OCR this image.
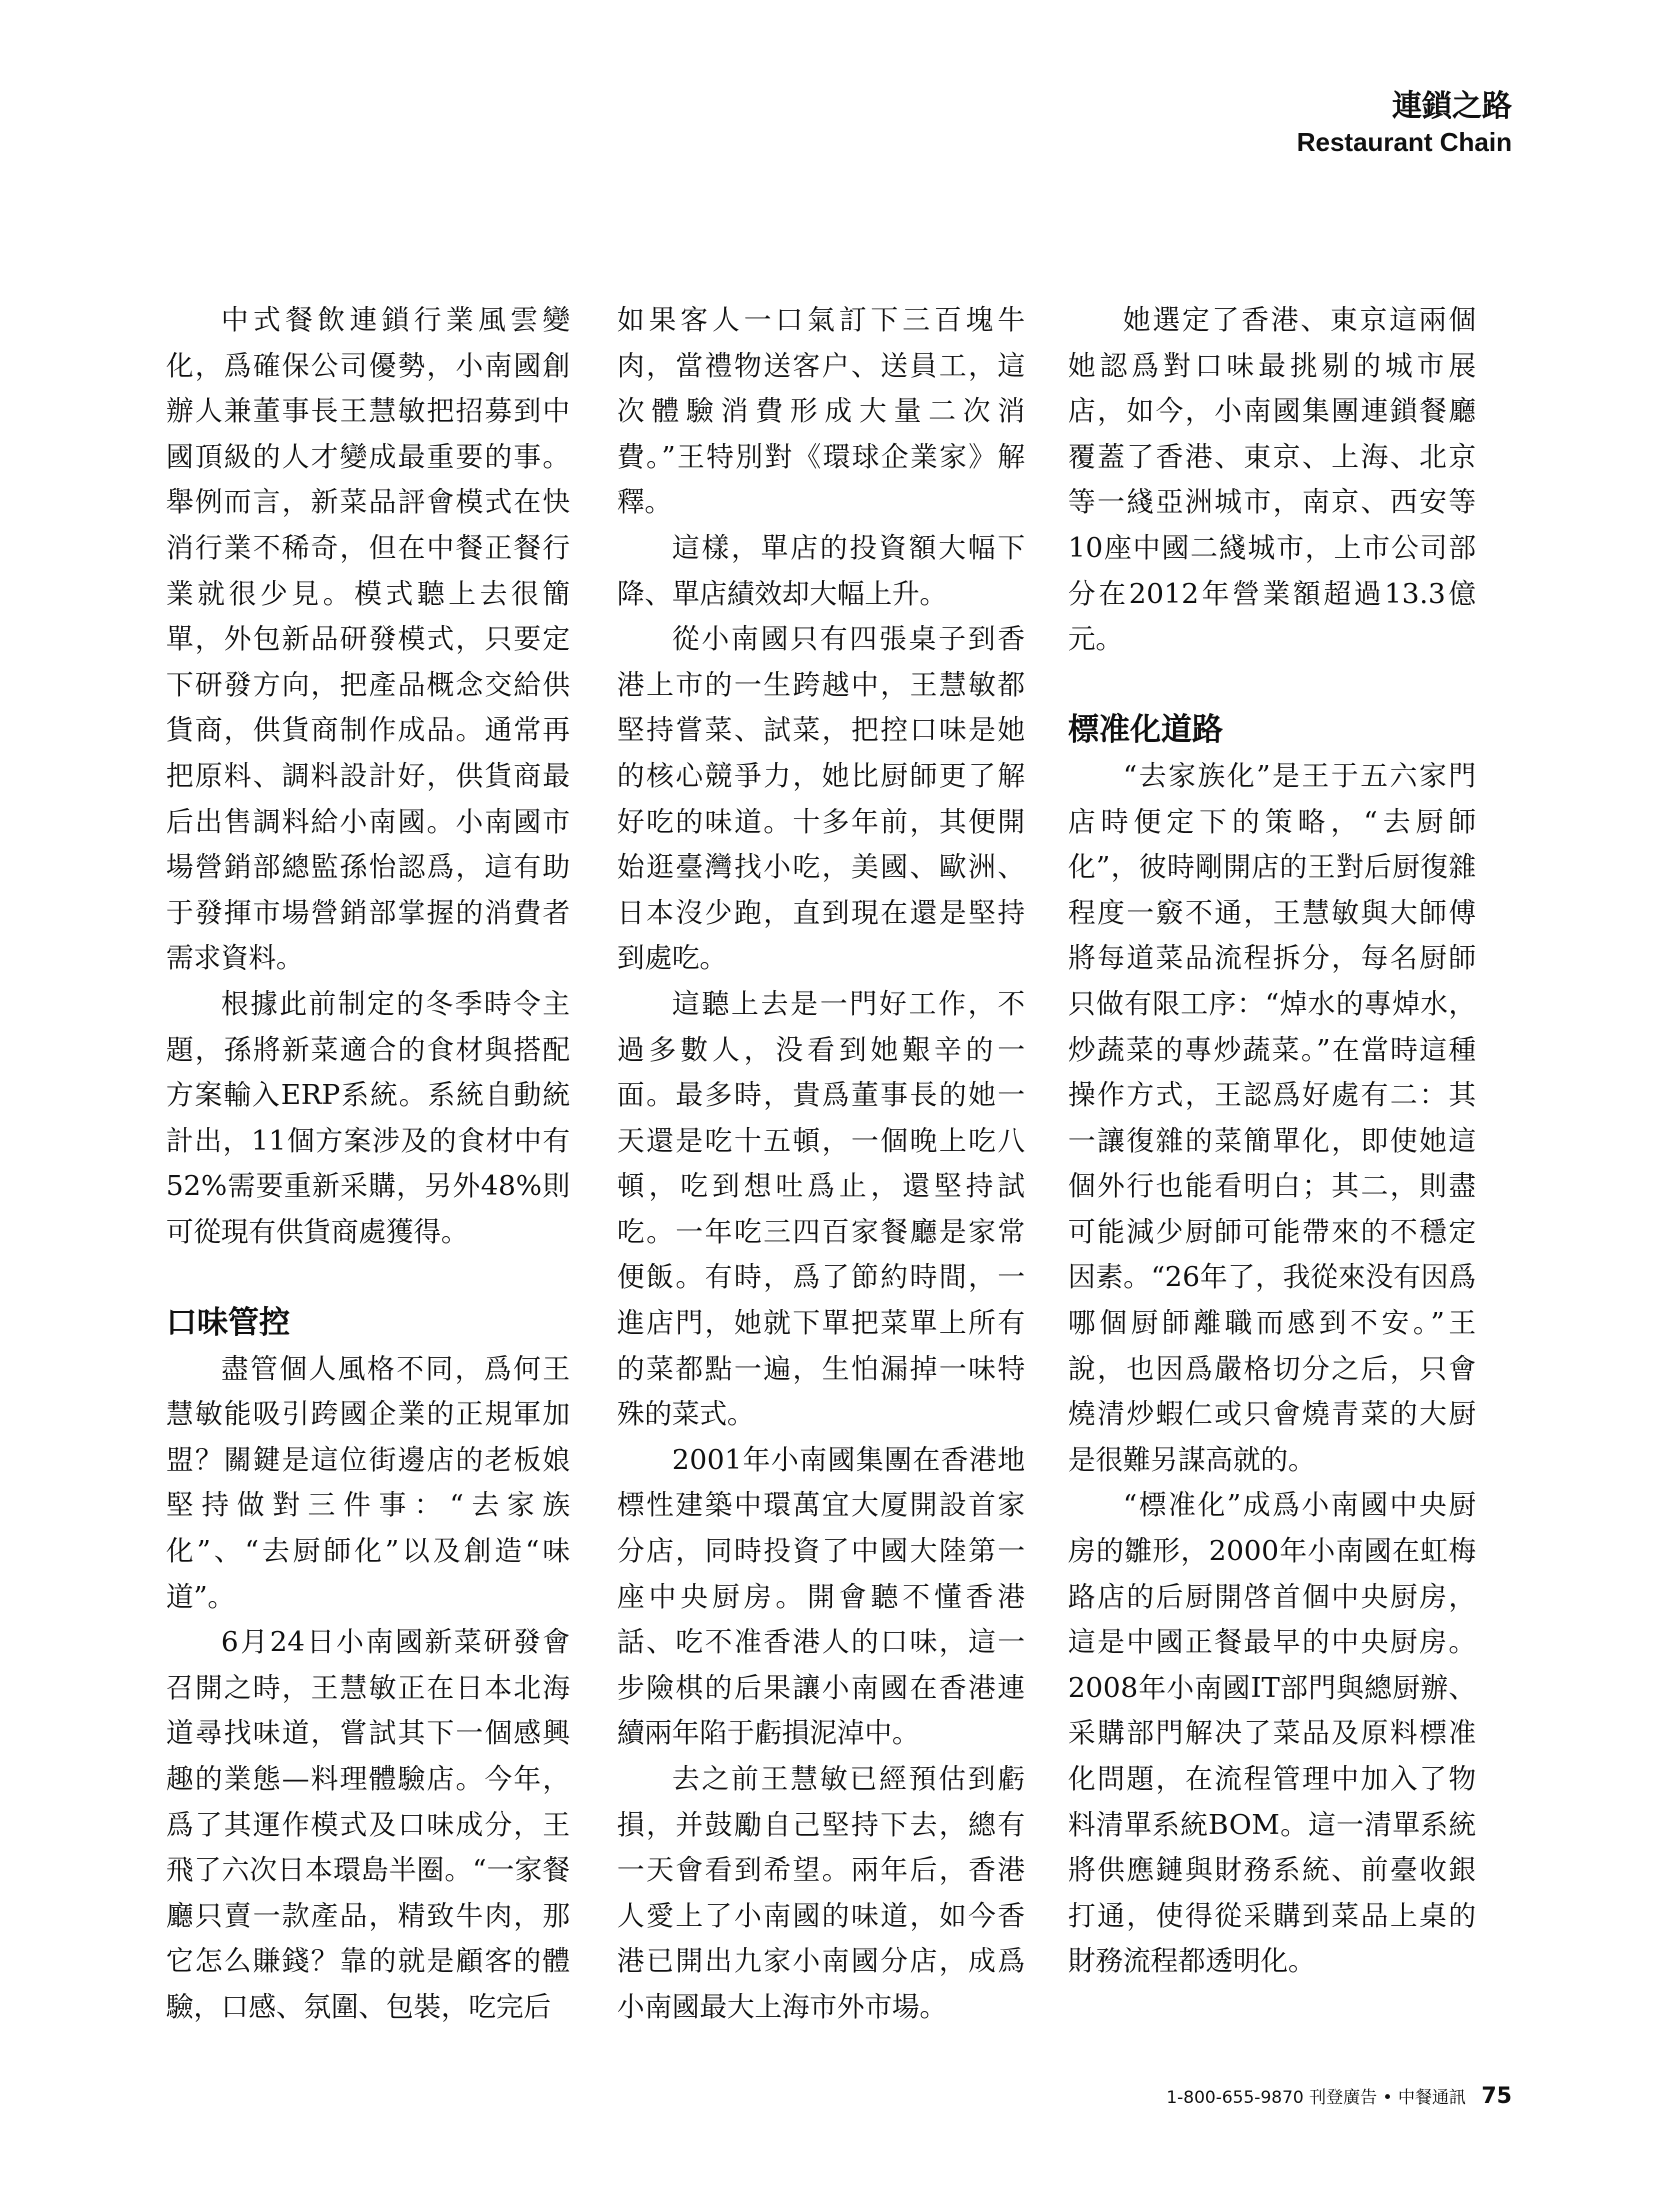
連鎖之路
Restaurant Chain

中式餐飲連鎖行業風雲變化，爲確保公司優勢，小南國創辦人兼董事長王慧敏把招募到中國頂級的人才變成最重要的事。舉例而言，新菜品評會模式在快消行業不稀奇，但在中餐正餐行業就很少見。模式聽上去很簡單，外包新品研發模式，只要定下研發方向，把產品概念交給供貨商，供貨商制作成品。通常再把原料、調料設計好，供貨商最后出售調料給小南國。小南國市場營銷部總監孫怡認爲，這有助于發揮市場營銷部掌握的消費者需求資料。

根據此前制定的冬季時令主題，孫將新菜適合的食材與搭配方案輸入ERP系統。系統自動統計出，11個方案涉及的食材中有52%需要重新采購，另外48%則可從現有供貨商處獲得。

口味管控

盡管個人風格不同，爲何王慧敏能吸引跨國企業的正規軍加盟？關鍵是這位街邊店的老板娘堅持做對三件事：“去家族化”、“去厨師化”以及創造“味道”。

6月24日小南國新菜研發會召開之時，王慧敏正在日本北海道尋找味道，嘗試其下一個感興趣的業態—料理體驗店。今年，爲了其運作模式及口味成分，王飛了六次日本環島半圈。“一家餐廳只賣一款產品，精致牛肉，那它怎么賺錢？靠的就是顧客的體驗，口感、氛圍、包裝，吃完后

如果客人一口氣訂下三百塊牛肉，當禮物送客户、送員工，這次體驗消費形成大量二次消費。”王特別對《環球企業家》解釋。

這樣，單店的投資額大幅下降、單店績效却大幅上升。

從小南國只有四張桌子到香港上市的一生跨越中，王慧敏都堅持嘗菜、試菜，把控口味是她的核心競爭力，她比厨師更了解好吃的味道。十多年前，其便開始逛臺灣找小吃，美國、歐洲、日本沒少跑，直到現在還是堅持到處吃。

這聽上去是一門好工作，不過多數人，没看到她艱辛的一面。最多時，貴爲董事長的她一天還是吃十五頓，一個晚上吃八頓，吃到想吐爲止，還堅持試吃。一年吃三四百家餐廳是家常便飯。有時，爲了節約時間，一進店門，她就下單把菜單上所有的菜都點一遍，生怕漏掉一味特殊的菜式。

2001年小南國集團在香港地標性建築中環萬宜大厦開設首家分店，同時投資了中國大陸第一座中央厨房。開會聽不懂香港話、吃不准香港人的口味，這一步險棋的后果讓小南國在香港連續兩年陷于虧損泥淖中。

去之前王慧敏已經預估到虧損，并鼓勵自己堅持下去，總有一天會看到希望。兩年后，香港人愛上了小南國的味道，如今香港已開出九家小南國分店，成爲小南國最大上海市外市場。

她選定了香港、東京這兩個她認爲對口味最挑剔的城市展店，如今，小南國集團連鎖餐廳覆蓋了香港、東京、上海、北京等一綫亞洲城市，南京、西安等10座中國二綫城市，上市公司部分在2012年營業額超過13.3億元。

標准化道路

“去家族化”是王于五六家門店時便定下的策略，“去厨師化”，彼時剛開店的王對后厨復雜程度一竅不通，王慧敏與大師傅將每道菜品流程拆分，每名厨師只做有限工序：“焯水的專焯水，炒蔬菜的專炒蔬菜。”在當時這種操作方式，王認爲好處有二：其一讓復雜的菜簡單化，即使她這個外行也能看明白；其二，則盡可能減少厨師可能帶來的不穩定因素。“26年了，我從來没有因爲哪個厨師離職而感到不安。”王說，也因爲嚴格切分之后，只會燒清炒蝦仁或只會燒青菜的大厨是很難另謀高就的。

“標准化”成爲小南國中央厨房的雛形，2000年小南國在虹梅路店的后厨開啓首個中央厨房，這是中國正餐最早的中央厨房。2008年小南國IT部門與總厨辦、采購部門解决了菜品及原料標准化問題，在流程管理中加入了物料清單系統BOM。這一清單系統將供應鏈與財務系統、前臺收銀打通，使得從采購到菜品上桌的財務流程都透明化。

1-800-655-9870 刊登廣告 • 中餐通訊 75
